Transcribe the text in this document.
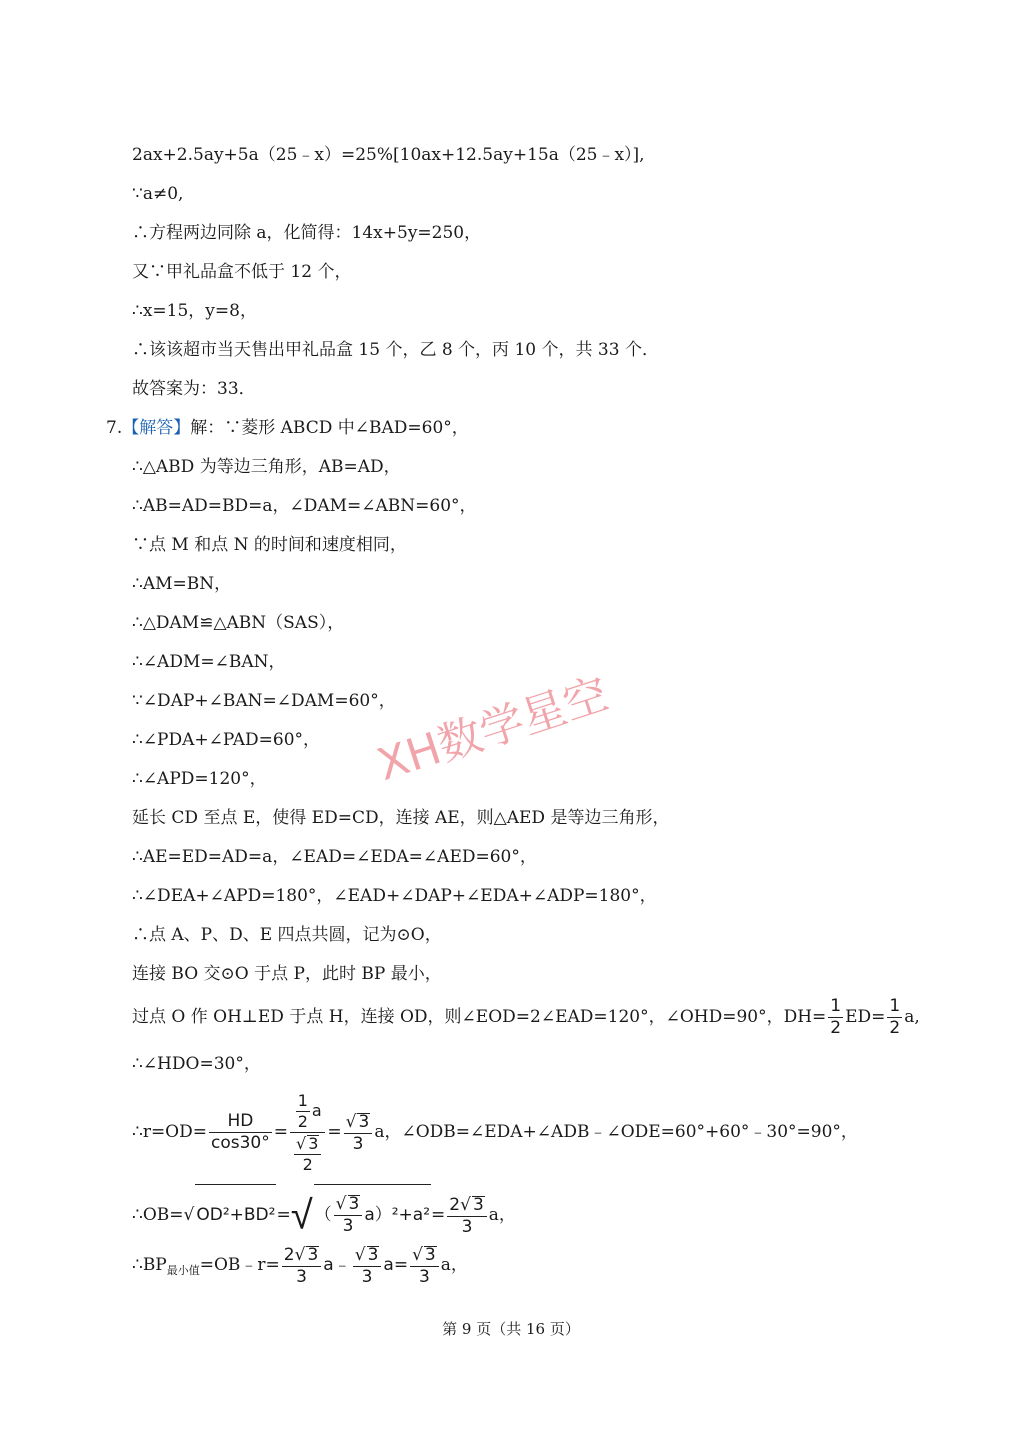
2ax+2.5ay+5a（25﹣x）=25%[10ax+12.5ay+15a（25﹣x）],
∵a≠0,
∴方程两边同除 a，化简得：14x+5y=250，
又∵甲礼品盒不低于 12 个，
∴x=15，y=8，
∴该该超市当天售出甲礼品盒 15 个，乙 8 个，丙 10 个，共 33 个．
故答案为：33．
7.【解答】解：∵菱形 ABCD 中∠BAD=60°，
∴△ABD 为等边三角形，AB=AD，
∴AB=AD=BD=a，∠DAM=∠ABN=60°，
∵点 M 和点 N 的时间和速度相同，
∴AM=BN，
∴△DAM≌△ABN（SAS），
∴∠ADM=∠BAN，
∵∠DAP+∠BAN=∠DAM=60°，
∴∠PDA+∠PAD=60°，
∴∠APD=120°，
延长 CD 至点 E，使得 ED=CD，连接 AE，则△AED 是等边三角形，
∴AE=ED=AD=a，∠EAD=∠EDA=∠AED=60°，
∴∠DEA+∠APD=180°，∠EAD+∠DAP+∠EDA+∠ADP=180°，
∴点 A、P、D、E 四点共圆，记为⊙O，
连接 BO 交⊙O 于点 P，此时 BP 最小，
过点 O 作 OH⊥ED 于点 H，连接 OD，则∠EOD=2∠EAD=120°，∠OHD=90°，$DH= \frac{1}{2} ED= \frac{1}{2} a$,
∴∠HDO=30°，
∴r=OD= $\frac{HD}{\cos 30^\circ} = \frac{\frac{1}{2} a}{\frac{√ 3}{2}} = \frac{√ 3}{3}$ a，∠ODB=∠EDA+∠ADB﹣∠ODE=60°+60°﹣30°=90°，
∴OB=√ OD²+BD²=√ （ $\frac{√ 3}{3} a)^2+a^2= \frac{2√ 3}{3}$ a，
$\therefore BP_{最小值}=OB﹣r= \frac{2√ 3}{3}$ a﹣ $\frac{√ 3}{3} a= \frac{√ 3}{3}$ a，
XH数学星空
第 9 页（共 16 页）
